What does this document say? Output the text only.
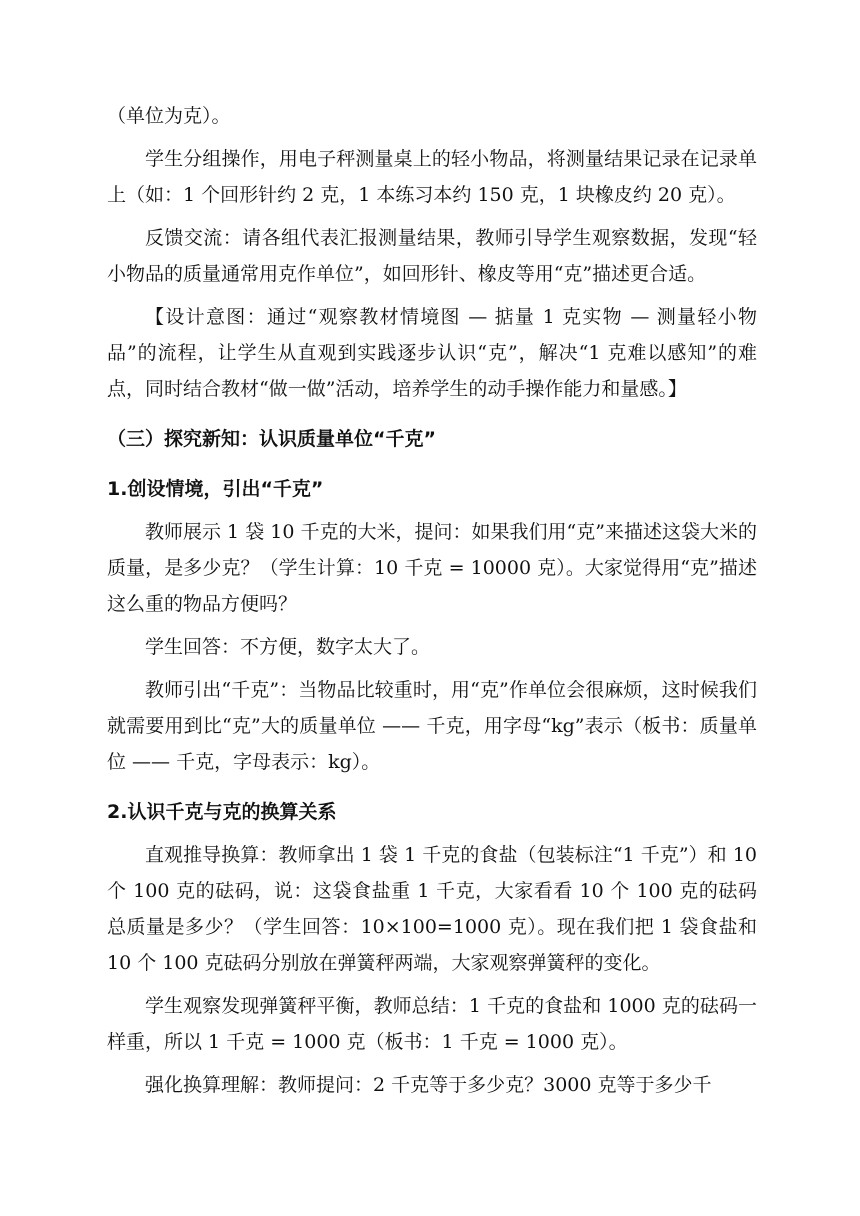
（单位为克）。

学生分组操作，用电子秤测量桌上的轻小物品，将测量结果记录在记录单上（如：1 个回形针约 2 克，1 本练习本约 150 克，1 块橡皮约 20 克）。

反馈交流：请各组代表汇报测量结果，教师引导学生观察数据，发现“轻小物品的质量通常用克作单位”，如回形针、橡皮等用“克”描述更合适。

【设计意图：通过“观察教材情境图 — 掂量 1 克实物 — 测量轻小物品”的流程，让学生从直观到实践逐步认识“克”，解决“1 克难以感知”的难点，同时结合教材“做一做”活动，培养学生的动手操作能力和量感。】

（三）探究新知：认识质量单位“千克”
1.创设情境，引出“千克”

教师展示 1 袋 10 千克的大米，提问：如果我们用“克”来描述这袋大米的质量，是多少克？（学生计算：10 千克 = 10000 克）。大家觉得用“克”描述这么重的物品方便吗？

学生回答：不方便，数字太大了。

教师引出“千克”：当物品比较重时，用“克”作单位会很麻烦，这时候我们就需要用到比“克”大的质量单位 —— 千克，用字母“kg”表示（板书：质量单位 —— 千克，字母表示：kg）。

2.认识千克与克的换算关系

直观推导换算：教师拿出 1 袋 1 千克的食盐（包装标注“1 千克”）和 10 个 100 克的砝码，说：这袋食盐重 1 千克，大家看看 10 个 100 克的砝码总质量是多少？（学生回答：10×100=1000 克）。现在我们把 1 袋食盐和 10 个 100 克砝码分别放在弹簧秤两端，大家观察弹簧秤的变化。

学生观察发现弹簧秤平衡，教师总结：1 千克的食盐和 1000 克的砝码一样重，所以 1 千克 = 1000 克（板书：1 千克 = 1000 克）。

强化换算理解：教师提问：2 千克等于多少克？3000 克等于多少千
